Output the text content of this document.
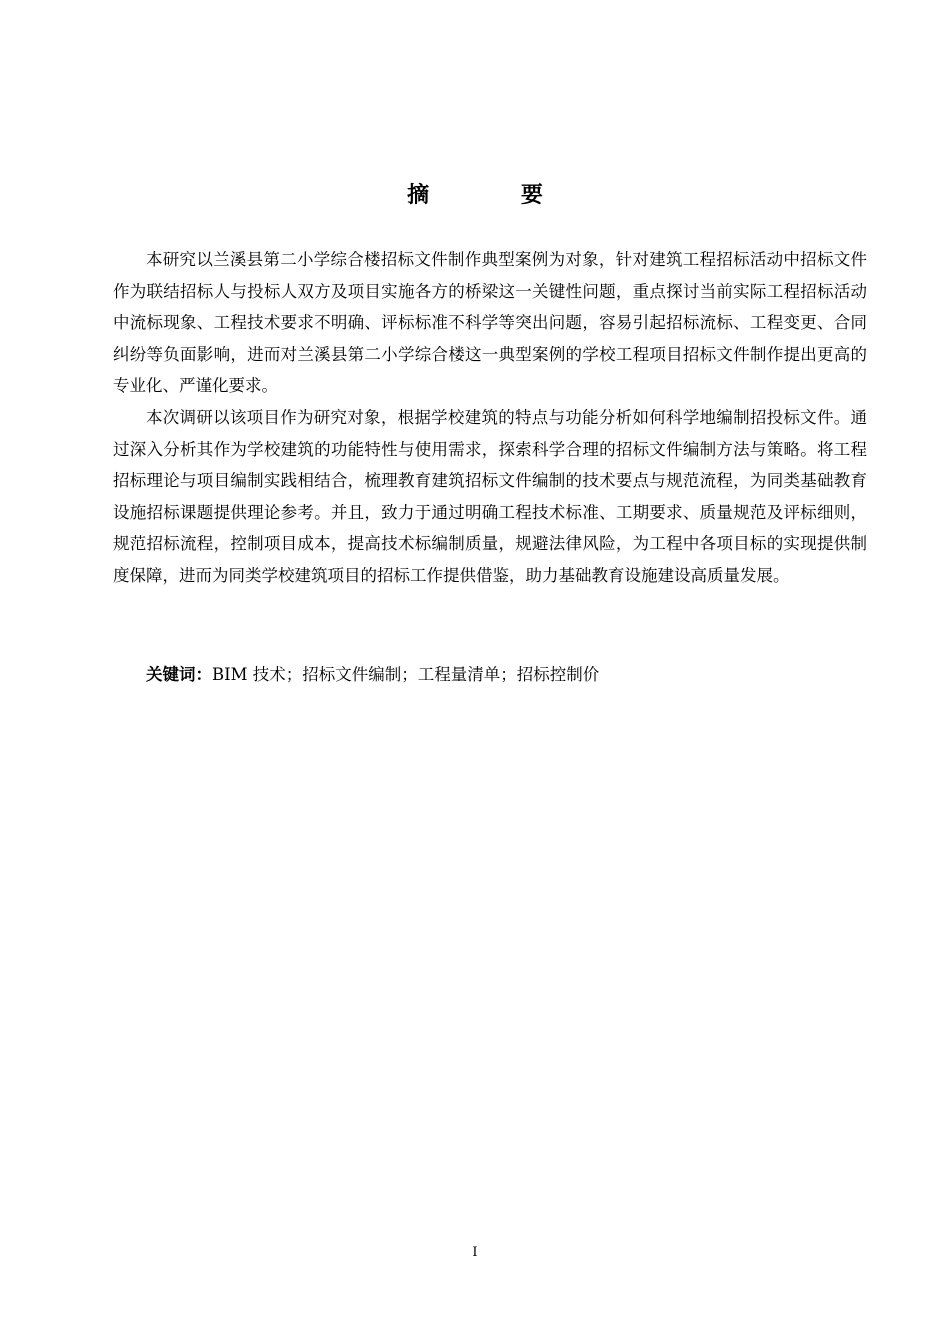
摘 要

本研究以兰溪县第二小学综合楼招标文件制作典型案例为对象，针对建筑工程招标活动中招标文件作为联结招标人与投标人双方及项目实施各方的桥梁这一关键性问题，重点探讨当前实际工程招标活动中流标现象、工程技术要求不明确、评标标准不科学等突出问题，容易引起招标流标、工程变更、合同纠纷等负面影响，进而对兰溪县第二小学综合楼这一典型案例的学校工程项目招标文件制作提出更高的专业化、严谨化要求。

本次调研以该项目作为研究对象，根据学校建筑的特点与功能分析如何科学地编制招投标文件。通过深入分析其作为学校建筑的功能特性与使用需求，探索科学合理的招标文件编制方法与策略。将工程招标理论与项目编制实践相结合，梳理教育建筑招标文件编制的技术要点与规范流程，为同类基础教育设施招标课题提供理论参考。并且，致力于通过明确工程技术标准、工期要求、质量规范及评标细则，规范招标流程，控制项目成本，提高技术标编制质量，规避法律风险，为工程中各项目标的实现提供制度保障，进而为同类学校建筑项目的招标工作提供借鉴，助力基础教育设施建设高质量发展。

关键词：BIM 技术；招标文件编制；工程量清单；招标控制价
I
